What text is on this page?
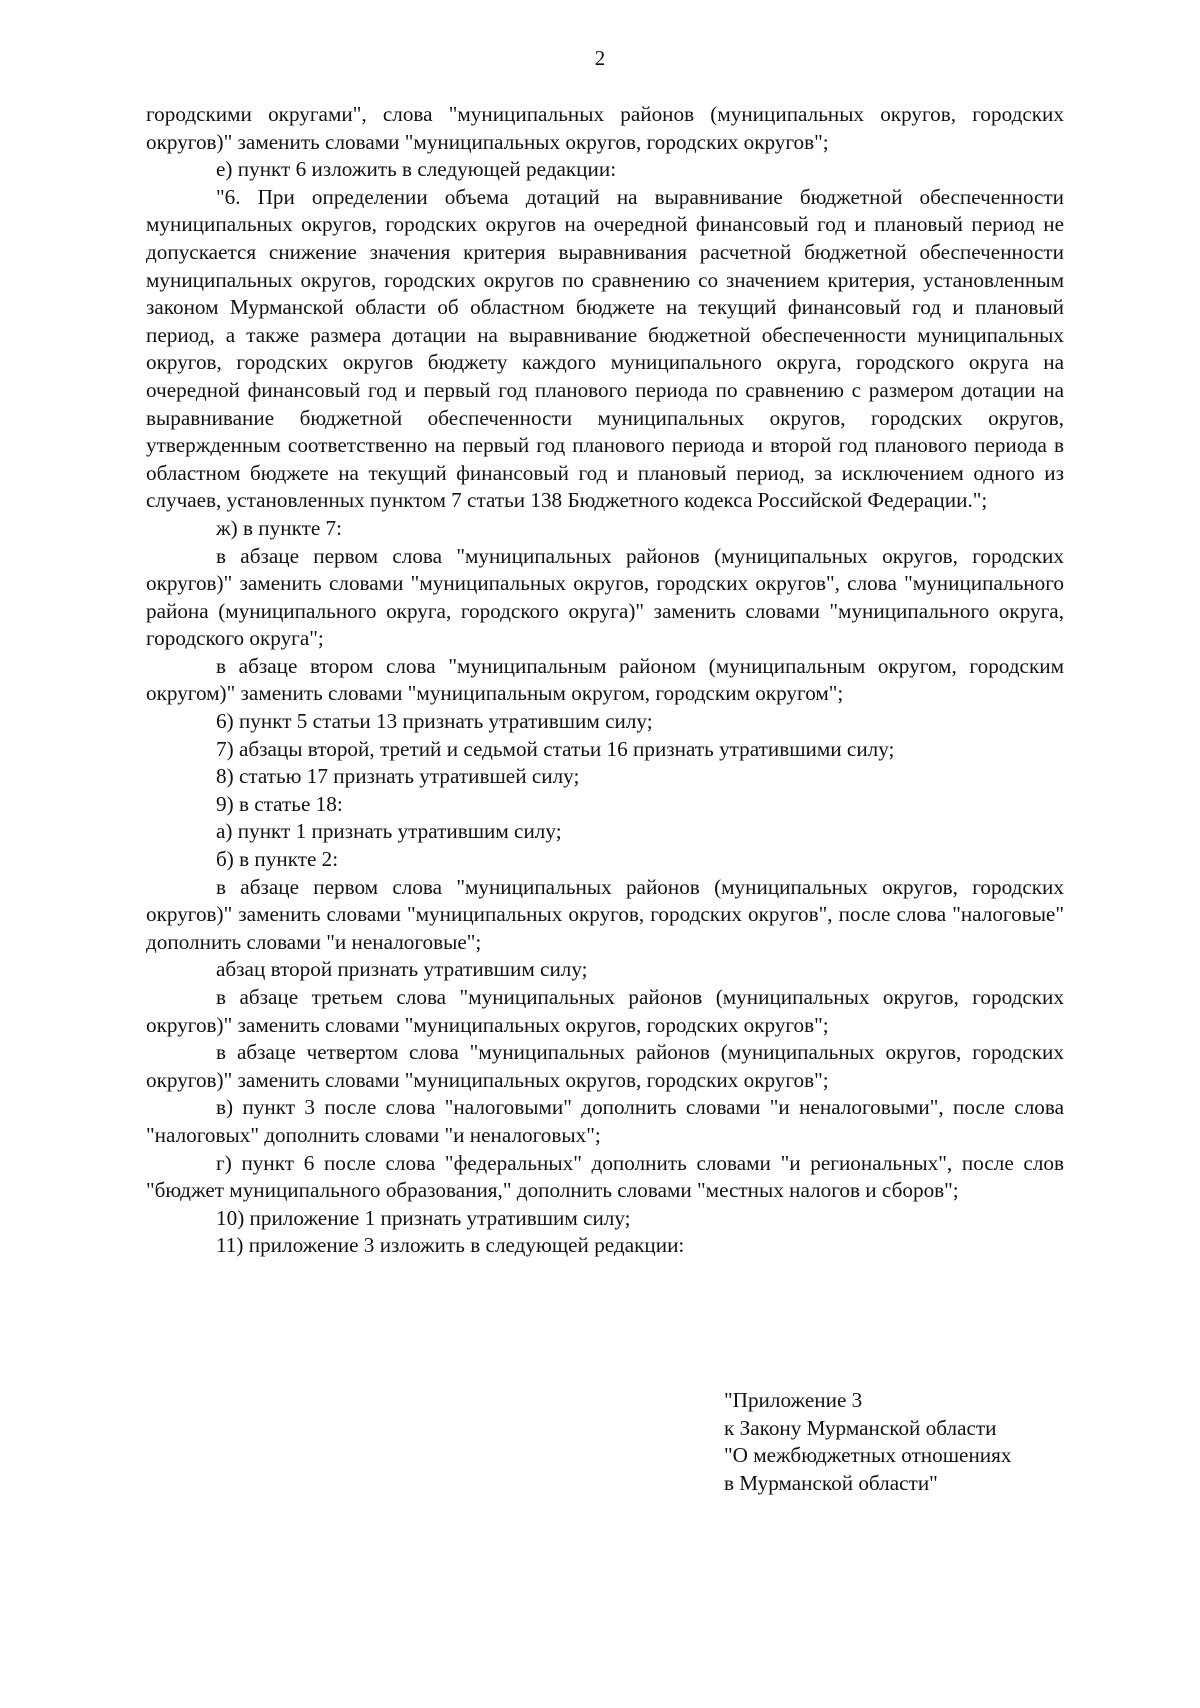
2

городскими округами", слова "муниципальных районов (муниципальных округов, городских округов)" заменить словами "муниципальных округов, городских округов";

е) пункт 6 изложить в следующей редакции:

"6. При определении объема дотаций на выравнивание бюджетной обеспеченности муниципальных округов, городских округов на очередной финансовый год и плановый период не допускается снижение значения критерия выравнивания расчетной бюджетной обеспеченности муниципальных округов, городских округов по сравнению со значением критерия, установленным законом Мурманской области об областном бюджете на текущий финансовый год и плановый период, а также размера дотации на выравнивание бюджетной обеспеченности муниципальных округов, городских округов бюджету каждого муниципального округа, городского округа на очередной финансовый год и первый год планового периода по сравнению с размером дотации на выравнивание бюджетной обеспеченности муниципальных округов, городских округов, утвержденным соответственно на первый год планового периода и второй год планового периода в областном бюджете на текущий финансовый год и плановый период, за исключением одного из случаев, установленных пунктом 7 статьи 138 Бюджетного кодекса Российской Федерации.";

ж) в пункте 7:

в абзаце первом слова "муниципальных районов (муниципальных округов, городских округов)" заменить словами "муниципальных округов, городских округов", слова "муниципального района (муниципального округа, городского округа)" заменить словами "муниципального округа, городского округа";

в абзаце втором слова "муниципальным районом (муниципальным округом, городским округом)" заменить словами "муниципальным округом, городским округом";

6) пункт 5 статьи 13 признать утратившим силу;

7) абзацы второй, третий и седьмой статьи 16 признать утратившими силу;

8) статью 17 признать утратившей силу;

9) в статье 18:

а) пункт 1 признать утратившим силу;

б) в пункте 2:

в абзаце первом слова "муниципальных районов (муниципальных округов, городских округов)" заменить словами "муниципальных округов, городских округов", после слова "налоговые" дополнить словами "и неналоговые";

абзац второй признать утратившим силу;

в абзаце третьем слова "муниципальных районов (муниципальных округов, городских округов)" заменить словами "муниципальных округов, городских округов";

в абзаце четвертом слова "муниципальных районов (муниципальных округов, городских округов)" заменить словами "муниципальных округов, городских округов";

в) пункт 3 после слова "налоговыми" дополнить словами "и неналоговыми", после слова "налоговых" дополнить словами "и неналоговых";

г) пункт 6 после слова "федеральных" дополнить словами "и региональных", после слов "бюджет муниципального образования," дополнить словами "местных налогов и сборов";

10) приложение 1 признать утратившим силу;

11) приложение 3 изложить в следующей редакции:

"Приложение 3
к Закону Мурманской области
"О межбюджетных отношениях
в Мурманской области"
